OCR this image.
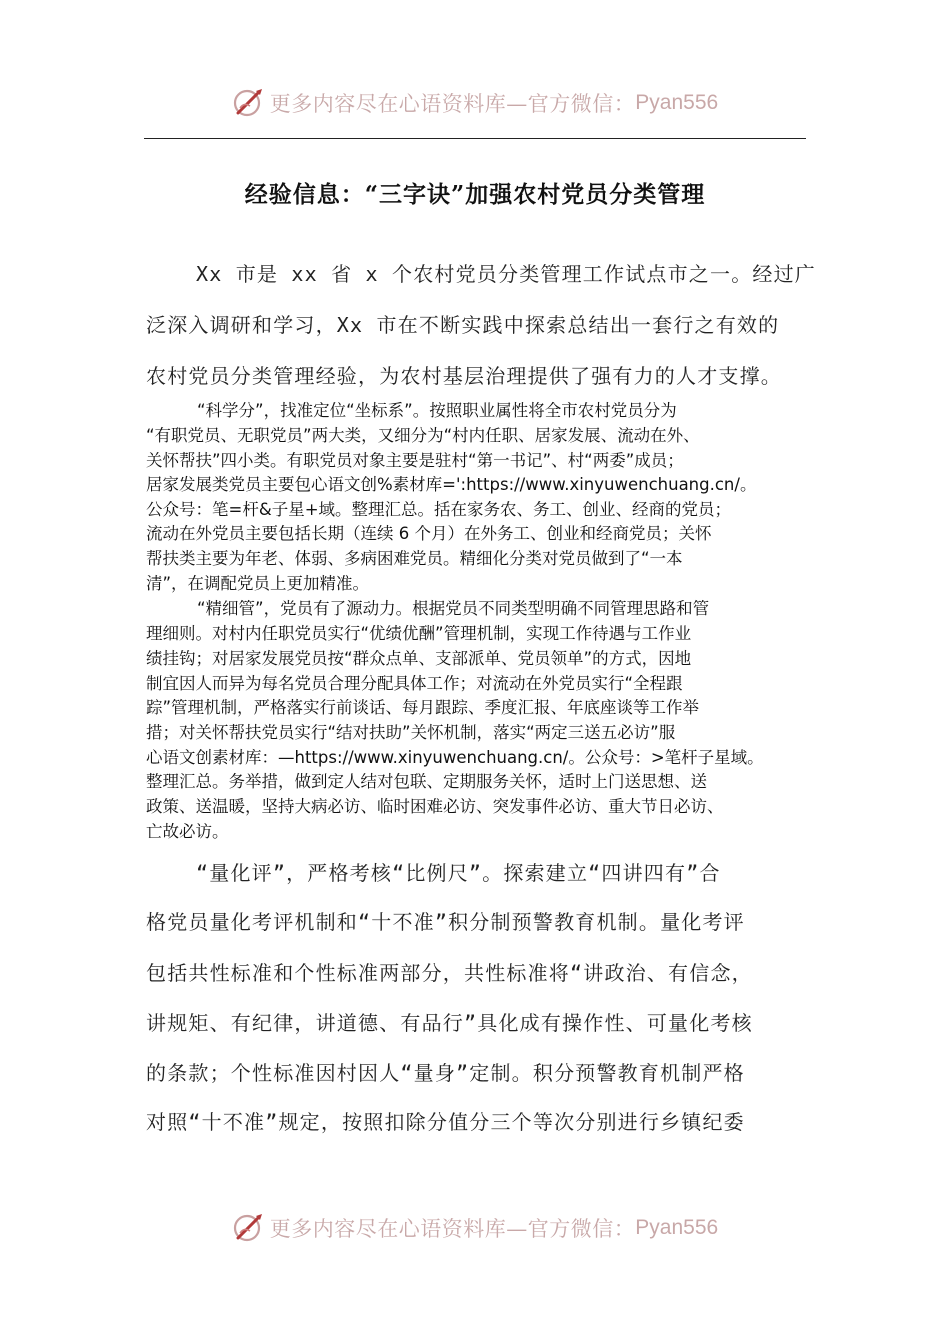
更多内容尽在心语资料库—官方微信： Pyan556
经验信息：“三字诀”加强农村党员分类管理
Xx 市是 xx 省 x 个农村党员分类管理工作试点市之一。经过广
泛深入调研和学习，Xx 市在不断实践中探索总结出一套行之有效的
农村党员分类管理经验，为农村基层治理提供了强有力的人才支撑。
“科学分”，找准定位“坐标系”。按照职业属性将全市农村党员分为
“有职党员、无职党员”两大类，又细分为“村内任职、居家发展、流动在外、
关怀帮扶”四小类。有职党员对象主要是驻村“第一书记”、村“两委”成员；
居家发展类党员主要包心语文创%素材库=':https://www.xinyuwenchuang.cn/。
公众号：笔=杆&子星+域。整理汇总。括在家务农、务工、创业、经商的党员；
流动在外党员主要包括长期（连续 6 个月）在外务工、创业和经商党员；关怀
帮扶类主要为年老、体弱、多病困难党员。精细化分类对党员做到了“一本
清”，在调配党员上更加精准。
“精细管”，党员有了源动力。根据党员不同类型明确不同管理思路和管
理细则。对村内任职党员实行“优绩优酬”管理机制，实现工作待遇与工作业
绩挂钩；对居家发展党员按“群众点单、支部派单、党员领单”的方式，因地
制宜因人而异为每名党员合理分配具体工作；对流动在外党员实行“全程跟
踪”管理机制，严格落实行前谈话、每月跟踪、季度汇报、年底座谈等工作举
措；对关怀帮扶党员实行“结对扶助”关怀机制，落实“两定三送五必访”服
心语文创素材库：—https://www.xinyuwenchuang.cn/。公众号：>笔杆子星域。
整理汇总。务举措，做到定人结对包联、定期服务关怀，适时上门送思想、送
政策、送温暖，坚持大病必访、临时困难必访、突发事件必访、重大节日必访、
亡故必访。
“量化评”，严格考核“比例尺”。探索建立“四讲四有”合
格党员量化考评机制和“十不准”积分制预警教育机制。量化考评
包括共性标准和个性标准两部分，共性标准将“讲政治、有信念，
讲规矩、有纪律，讲道德、有品行”具化成有操作性、可量化考核
的条款；个性标准因村因人“量身”定制。积分预警教育机制严格
对照“十不准”规定，按照扣除分值分三个等次分别进行乡镇纪委
更多内容尽在心语资料库—官方微信： Pyan556
